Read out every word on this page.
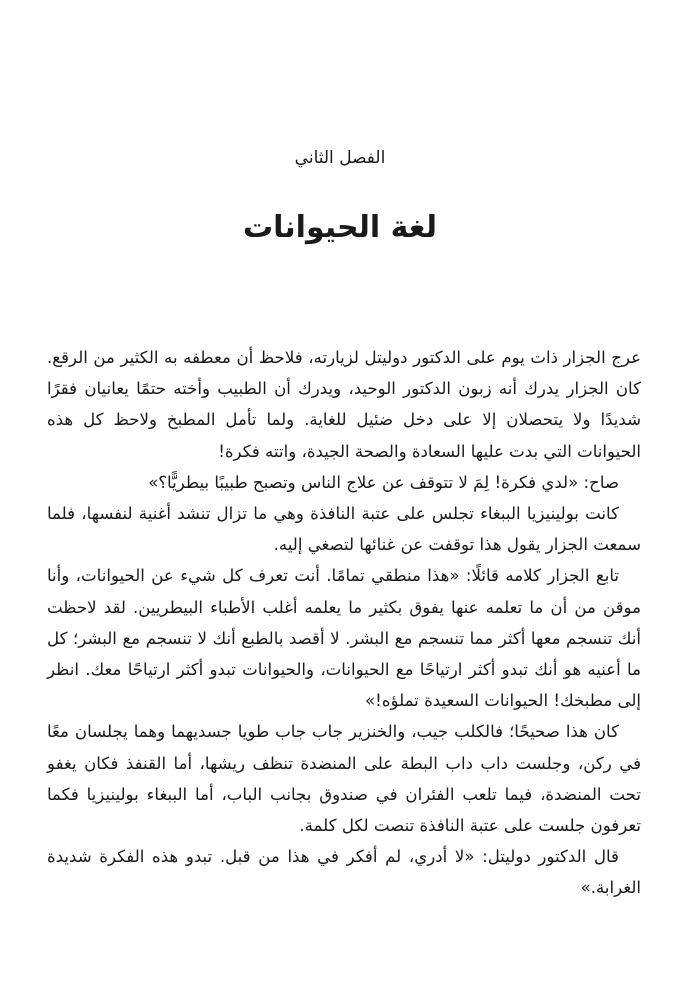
الفصل الثاني
لغة الحيوانات

عرج الجزار ذات يوم على الدكتور دوليتل لزيارته، فلاحظ أن معطفه به الكثير من الرقع. كان الجزار يدرك أنه زبون الدكتور الوحيد، ويدرك أن الطبيب وأخته حتمًا يعانيان فقرًا شديدًا ولا يتحصلان إلا على دخل ضئيل للغاية. ولما تأمل المطبخ ولاحظ كل هذه الحيوانات التي بدت عليها السعادة والصحة الجيدة، واتته فكرة!

صاح: «لدي فكرة! لِمَ لا تتوقف عن علاج الناس وتصبح طبيبًا بيطريًّا؟»

كانت بولينيزيا الببغاء تجلس على عتبة النافذة وهي ما تزال تنشد أغنية لنفسها، فلما سمعت الجزار يقول هذا توقفت عن غنائها لتصغي إليه.

تابع الجزار كلامه قائلًا: «هذا منطقي تمامًا. أنت تعرف كل شيء عن الحيوانات، وأنا موقن من أن ما تعلمه عنها يفوق بكثير ما يعلمه أغلب الأطباء البيطريين. لقد لاحظت أنك تنسجم معها أكثر مما تنسجم مع البشر. لا أقصد بالطبع أنك لا تنسجم مع البشر؛ كل ما أعنيه هو أنك تبدو أكثر ارتياحًا مع الحيوانات، والحيوانات تبدو أكثر ارتياحًا معك. انظر إلى مطبخك! الحيوانات السعيدة تملؤه!»

كان هذا صحيحًا؛ فالكلب جيب، والخنزير جاب جاب طويا جسديهما وهما يجلسان معًا في ركن، وجلست داب داب البطة على المنضدة تنظف ريشها، أما القنفذ فكان يغفو تحت المنضدة، فيما تلعب الفئران في صندوق بجانب الباب، أما الببغاء بولينيزيا فكما تعرفون جلست على عتبة النافذة تنصت لكل كلمة.

قال الدكتور دوليتل: «لا أدري، لم أفكر في هذا من قبل. تبدو هذه الفكرة شديدة الغرابة.»
